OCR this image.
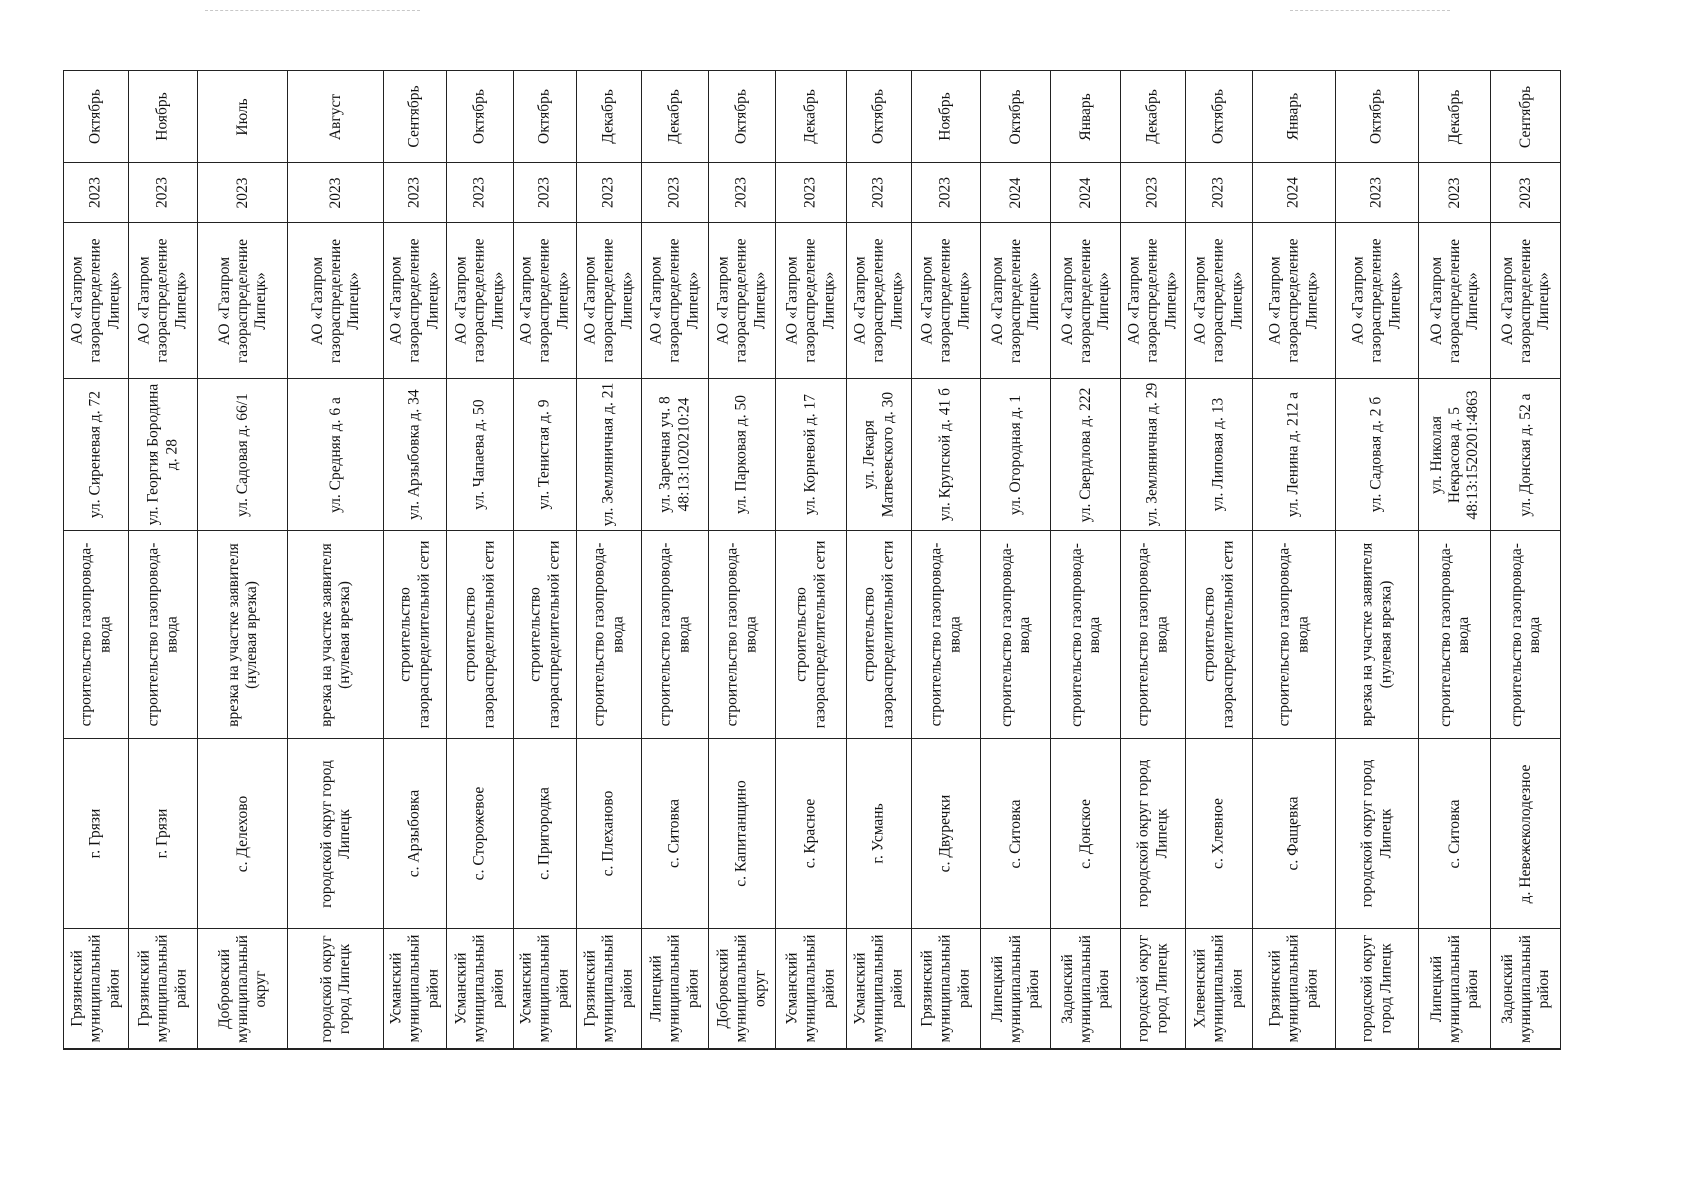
Грязинский муниципальный район
г. Грязи
строительство газопровода-ввода
ул. Сиреневая д. 72
АО «Газпром газораспределение Липецк»
2023
Октябрь
Грязинский муниципальный район
г. Грязи
строительство газопровода-ввода
ул. Георгия Бородина д. 28
АО «Газпром газораспределение Липецк»
2023
Ноябрь
Добровский муниципальный округ
с. Делехово
врезка на участке заявителя (нулевая врезка)
ул. Садовая д. 66/1
АО «Газпром газораспределение Липецк»
2023
Июль
городской округ город Липецк
городской округ город Липецк
врезка на участке заявителя (нулевая врезка)
ул. Средняя д. 6 а
АО «Газпром газораспределение Липецк»
2023
Август
Усманский муниципальный район
с. Арзыбовка
строительство газораспределительной сети
ул. Арзыбовка д. 34
АО «Газпром газораспределение Липецк»
2023
Сентябрь
Усманский муниципальный район
с. Сторожевое
строительство газораспределительной сети
ул. Чапаева д. 50
АО «Газпром газораспределение Липецк»
2023
Октябрь
Усманский муниципальный район
с. Пригородка
строительство газораспределительной сети
ул. Тенистая д. 9
АО «Газпром газораспределение Липецк»
2023
Октябрь
Грязинский муниципальный район
с. Плеханово
строительство газопровода-ввода
ул. Земляничная д. 21
АО «Газпром газораспределение Липецк»
2023
Декабрь
Липецкий муниципальный район
с. Ситовка
строительство газопровода-ввода
ул. Заречная уч. 8 48:13:1020210:24
АО «Газпром газораспределение Липецк»
2023
Декабрь
Добровский муниципальный округ
с. Капитанщино
строительство газопровода-ввода
ул. Парковая д. 50
АО «Газпром газораспределение Липецк»
2023
Октябрь
Усманский муниципальный район
с. Красное
строительство газораспределительной сети
ул. Корневой д. 17
АО «Газпром газораспределение Липецк»
2023
Декабрь
Усманский муниципальный район
г. Усмань
строительство газораспределительной сети
ул. Лекаря Матвеевского д. 30
АО «Газпром газораспределение Липецк»
2023
Октябрь
Грязинский муниципальный район
с. Двуречки
строительство газопровода-ввода
ул. Крупской д. 41 б
АО «Газпром газораспределение Липецк»
2023
Ноябрь
Липецкий муниципальный район
с. Ситовка
строительство газопровода-ввода
ул. Огородная д. 1
АО «Газпром газораспределение Липецк»
2024
Октябрь
Задонский муниципальный район
с. Донское
строительство газопровода-ввода
ул. Свердлова д. 222
АО «Газпром газораспределение Липецк»
2024
Январь
городской округ город Липецк
городской округ город Липецк
строительство газопровода-ввода
ул. Земляничная д. 29
АО «Газпром газораспределение Липецк»
2023
Декабрь
Хлевенский муниципальный район
с. Хлевное
строительство газораспределительной сети
ул. Липовая д. 13
АО «Газпром газораспределение Липецк»
2023
Октябрь
Грязинский муниципальный район
с. Фащевка
строительство газопровода-ввода
ул. Ленина д. 212 а
АО «Газпром газораспределение Липецк»
2024
Январь
городской округ город Липецк
городской округ город Липецк
врезка на участке заявителя (нулевая врезка)
ул. Садовая д. 2 б
АО «Газпром газораспределение Липецк»
2023
Октябрь
Липецкий муниципальный район
с. Ситовка
строительство газопровода-ввода
ул. Николая Некрасова д. 5 48:13:1520201:4863
АО «Газпром газораспределение Липецк»
2023
Декабрь
Задонский муниципальный район
д. Невежеколодезное
строительство газопровода-ввода
ул. Донская д. 52 а
АО «Газпром газораспределение Липецк»
2023
Сентябрь
